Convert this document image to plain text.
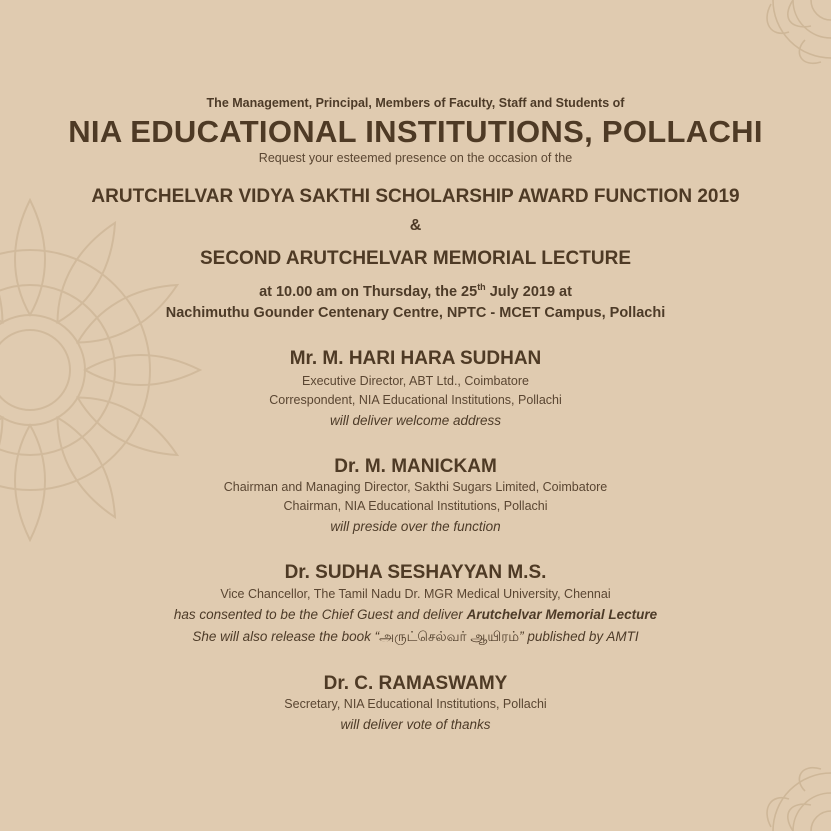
The Management, Principal, Members of Faculty, Staff and Students of
NIA EDUCATIONAL INSTITUTIONS, POLLACHI
Request your esteemed presence on the occasion of the
ARUTCHELVAR VIDYA SAKTHI SCHOLARSHIP AWARD FUNCTION 2019
&
SECOND ARUTCHELVAR MEMORIAL LECTURE
at 10.00 am on Thursday, the 25th July 2019 at
Nachimuthu Gounder Centenary Centre, NPTC - MCET Campus, Pollachi
Mr. M. HARI HARA SUDHAN
Executive Director, ABT Ltd., Coimbatore
Correspondent, NIA Educational Institutions, Pollachi
will deliver welcome address
Dr. M. MANICKAM
Chairman and Managing Director, Sakthi Sugars Limited, Coimbatore
Chairman, NIA Educational Institutions, Pollachi
will preside over the function
Dr. SUDHA SESHAYYAN M.S.
Vice Chancellor, The Tamil Nadu Dr. MGR Medical University, Chennai
has consented to be the Chief Guest and deliver Arutchelvar Memorial Lecture
She will also release the book “அருட்செல்வர் ஆயிரம்” published by AMTI
Dr. C. RAMASWAMY
Secretary, NIA Educational Institutions, Pollachi
will deliver vote of thanks
